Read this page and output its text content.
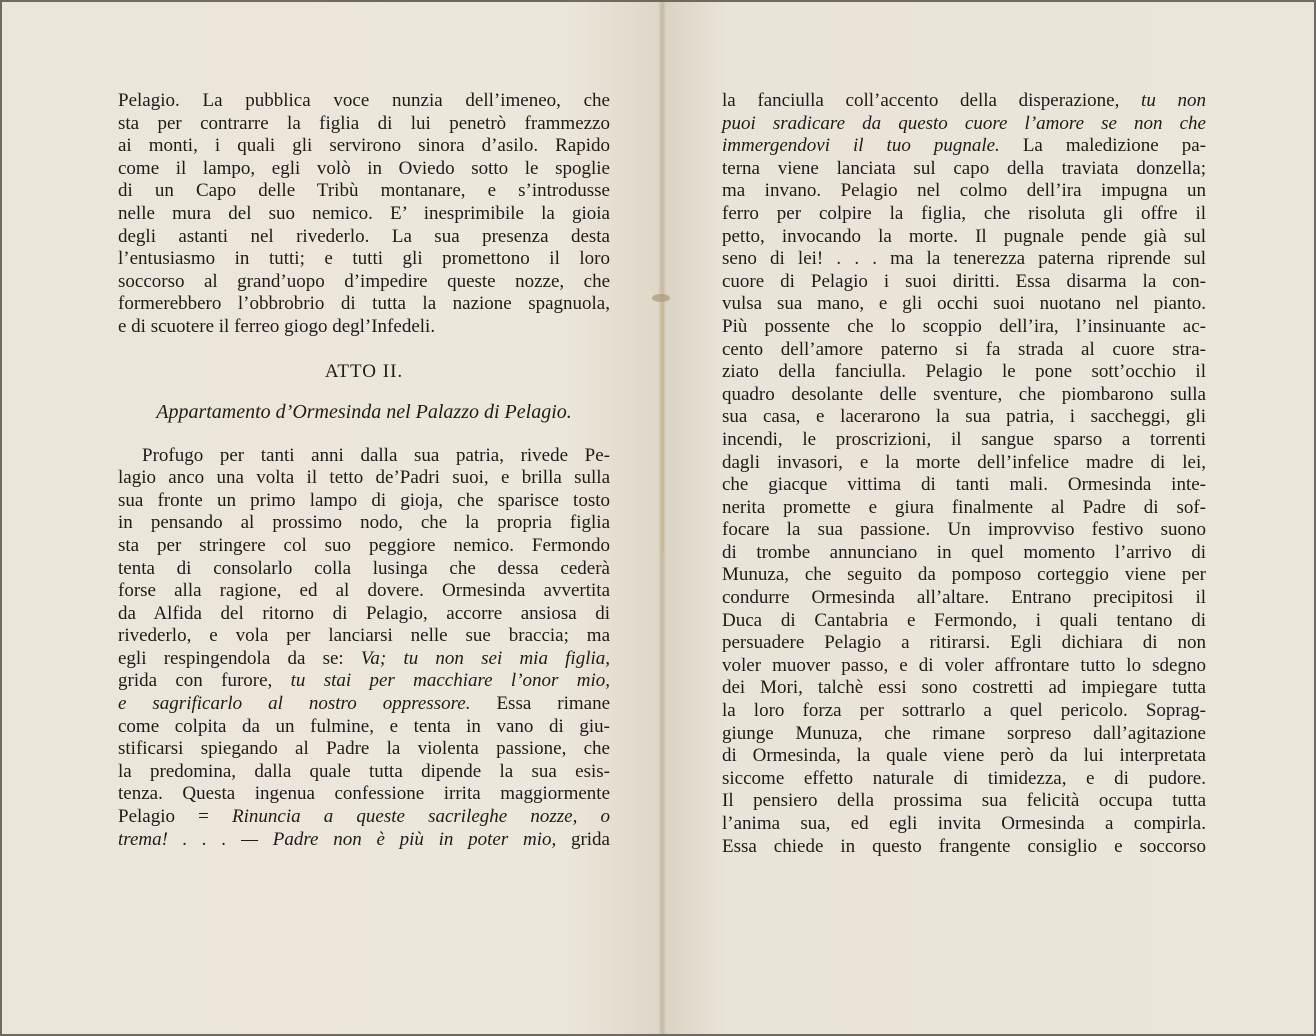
Pelagio. La pubblica voce nunzia dell’imeneo, che
sta per contrarre la figlia di lui penetrò frammezzo
ai monti, i quali gli servirono sinora d’asilo. Rapido
come il lampo, egli volò in Oviedo sotto le spoglie
di un Capo delle Tribù montanare, e s’introdusse
nelle mura del suo nemico. E’ inesprimibile la gioia
degli astanti nel rivederlo. La sua presenza desta
l’entusiasmo in tutti; e tutti gli promettono il loro
soccorso al grand’uopo d’impedire queste nozze, che
formerebbero l’obbrobrio di tutta la nazione spagnuola,
e di scuotere il ferreo giogo degl’Infedeli.
ATTO II.
Appartamento d’Ormesinda nel Palazzo di Pelagio.
Profugo per tanti anni dalla sua patria, rivede Pe-
lagio anco una volta il tetto de’Padri suoi, e brilla sulla
sua fronte un primo lampo di gioja, che sparisce tosto
in pensando al prossimo nodo, che la propria figlia
sta per stringere col suo peggiore nemico. Fermondo
tenta di consolarlo colla lusinga che dessa cederà
forse alla ragione, ed al dovere. Ormesinda avvertita
da Alfida del ritorno di Pelagio, accorre ansiosa di
rivederlo, e vola per lanciarsi nelle sue braccia; ma
egli respingendola da se: Va; tu non sei mia figlia,
grida con furore, tu stai per macchiare l’onor mio,
e sagrificarlo al nostro oppressore. Essa rimane
come colpita da un fulmine, e tenta in vano di giu-
stificarsi spiegando al Padre la violenta passione, che
la predomina, dalla quale tutta dipende la sua esis-
tenza. Questa ingenua confessione irrita maggiormente
Pelagio = Rinuncia a queste sacrileghe nozze, o
trema! . . . — Padre non è più in poter mio, grida
la fanciulla coll’accento della disperazione, tu non
puoi sradicare da questo cuore l’amore se non che
immergendovi il tuo pugnale. La maledizione pa-
terna viene lanciata sul capo della traviata donzella;
ma invano. Pelagio nel colmo dell’ira impugna un
ferro per colpire la figlia, che risoluta gli offre il
petto, invocando la morte. Il pugnale pende già sul
seno di lei! . . . ma la tenerezza paterna riprende sul
cuore di Pelagio i suoi diritti. Essa disarma la con-
vulsa sua mano, e gli occhi suoi nuotano nel pianto.
Più possente che lo scoppio dell’ira, l’insinuante ac-
cento dell’amore paterno si fa strada al cuore stra-
ziato della fanciulla. Pelagio le pone sott’occhio il
quadro desolante delle sventure, che piombarono sulla
sua casa, e lacerarono la sua patria, i saccheggi, gli
incendi, le proscrizioni, il sangue sparso a torrenti
dagli invasori, e la morte dell’infelice madre di lei,
che giacque vittima di tanti mali. Ormesinda inte-
nerita promette e giura finalmente al Padre di sof-
focare la sua passione. Un improvviso festivo suono
di trombe annunciano in quel momento l’arrivo di
Munuza, che seguito da pomposo corteggio viene per
condurre Ormesinda all’altare. Entrano precipitosi il
Duca di Cantabria e Fermondo, i quali tentano di
persuadere Pelagio a ritirarsi. Egli dichiara di non
voler muover passo, e di voler affrontare tutto lo sdegno
dei Mori, talchè essi sono costretti ad impiegare tutta
la loro forza per sottrarlo a quel pericolo. Soprag-
giunge Munuza, che rimane sorpreso dall’agitazione
di Ormesinda, la quale viene però da lui interpretata
siccome effetto naturale di timidezza, e di pudore.
Il pensiero della prossima sua felicità occupa tutta
l’anima sua, ed egli invita Ormesinda a compirla.
Essa chiede in questo frangente consiglio e soccorso
